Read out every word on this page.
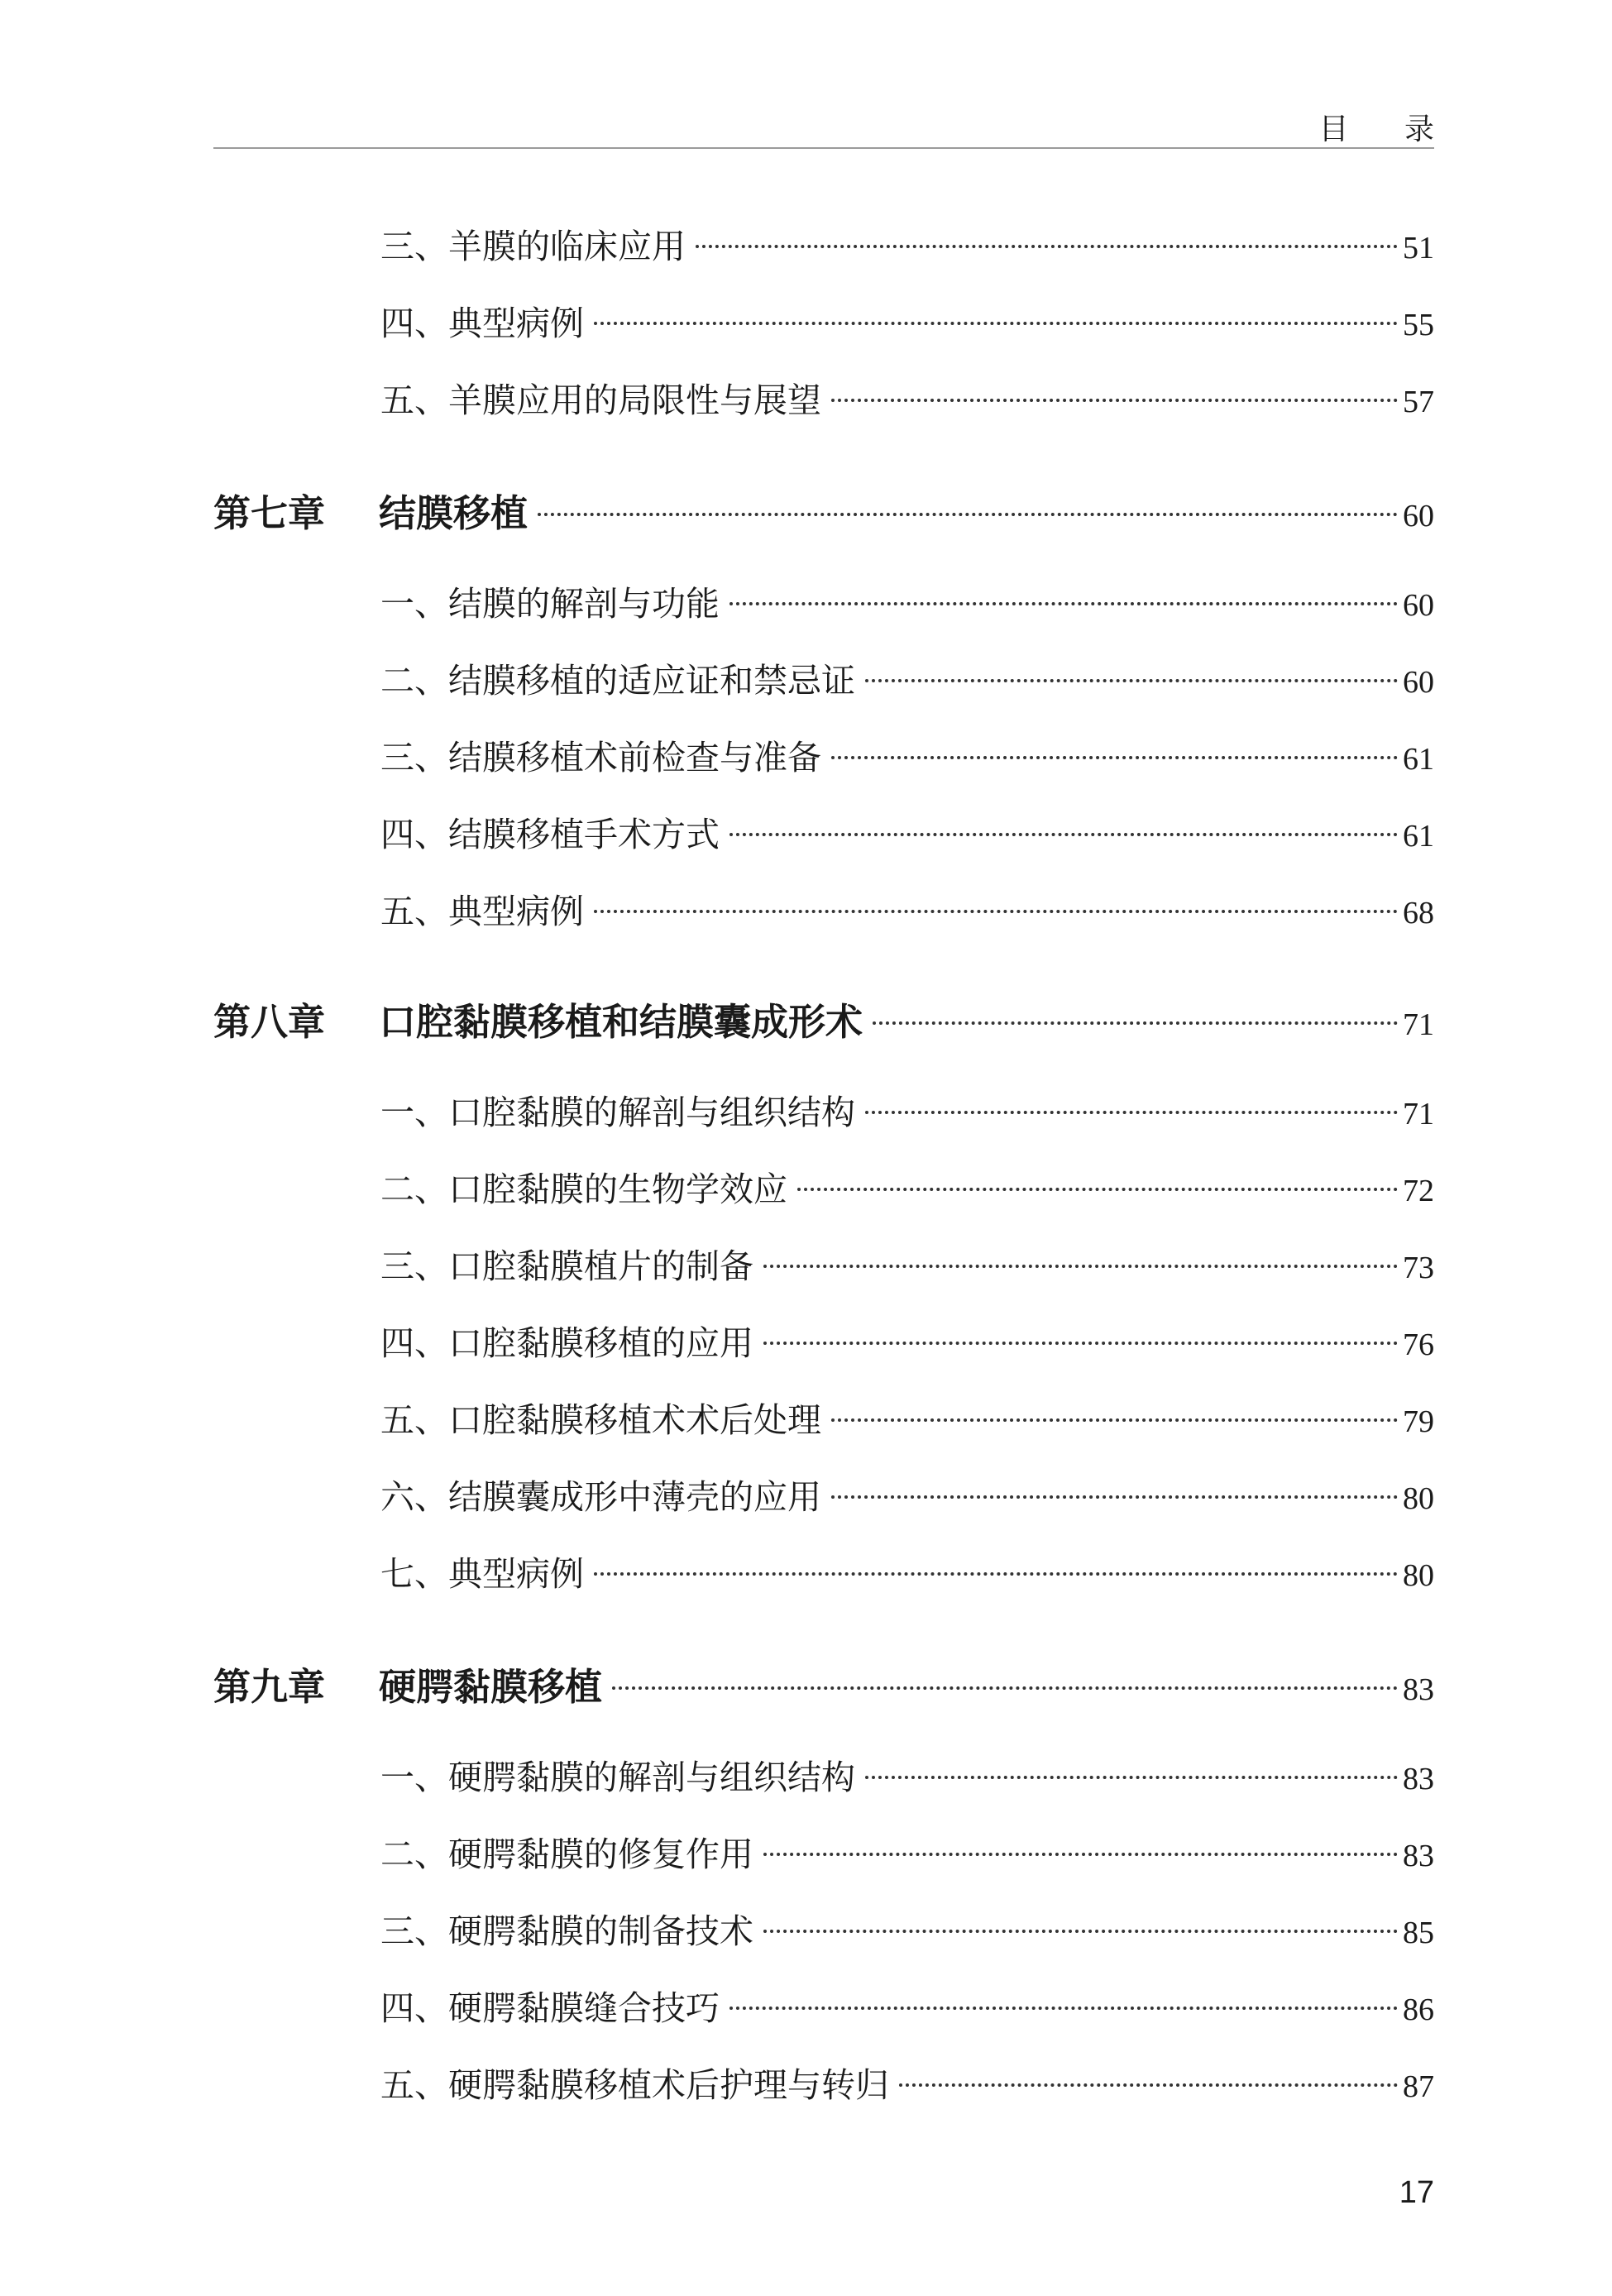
目 录
三、羊膜的临床应用	51
四、典型病例	55
五、羊膜应用的局限性与展望	57
第七章	结膜移植	60
一、结膜的解剖与功能	60
二、结膜移植的适应证和禁忌证	60
三、结膜移植术前检查与准备	61
四、结膜移植手术方式	61
五、典型病例	68
第八章	口腔黏膜移植和结膜囊成形术	71
一、口腔黏膜的解剖与组织结构	71
二、口腔黏膜的生物学效应	72
三、口腔黏膜植片的制备	73
四、口腔黏膜移植的应用	76
五、口腔黏膜移植术术后处理	79
六、结膜囊成形中薄壳的应用	80
七、典型病例	80
第九章	硬腭黏膜移植	83
一、硬腭黏膜的解剖与组织结构	83
二、硬腭黏膜的修复作用	83
三、硬腭黏膜的制备技术	85
四、硬腭黏膜缝合技巧	86
五、硬腭黏膜移植术后护理与转归	87
17
